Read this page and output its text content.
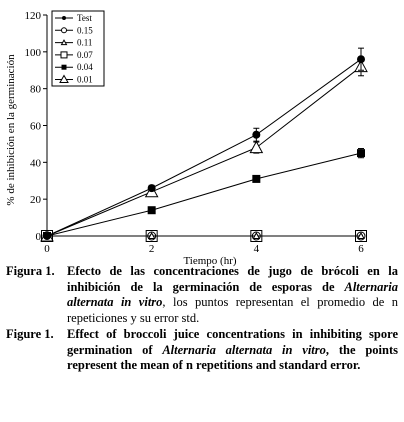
0
20
40
60
80
100
120
0	2	4	6
Test
0.15
0.11
0.07
0.04
0.01
% de inhibición en la germinación
Tiempo (hr)
Figura 1. Efecto de las concentraciones de jugo de brócoli en la inhibición de la germinación de esporas de Alternaria alternata in vitro, los puntos representan el promedio de n repeticiones y su error std.
Figure 1. Effect of broccoli juice concentrations in inhibiting spore germination of Alternaria alternata in vitro, the points represent the mean of n repetitions and standard error.
